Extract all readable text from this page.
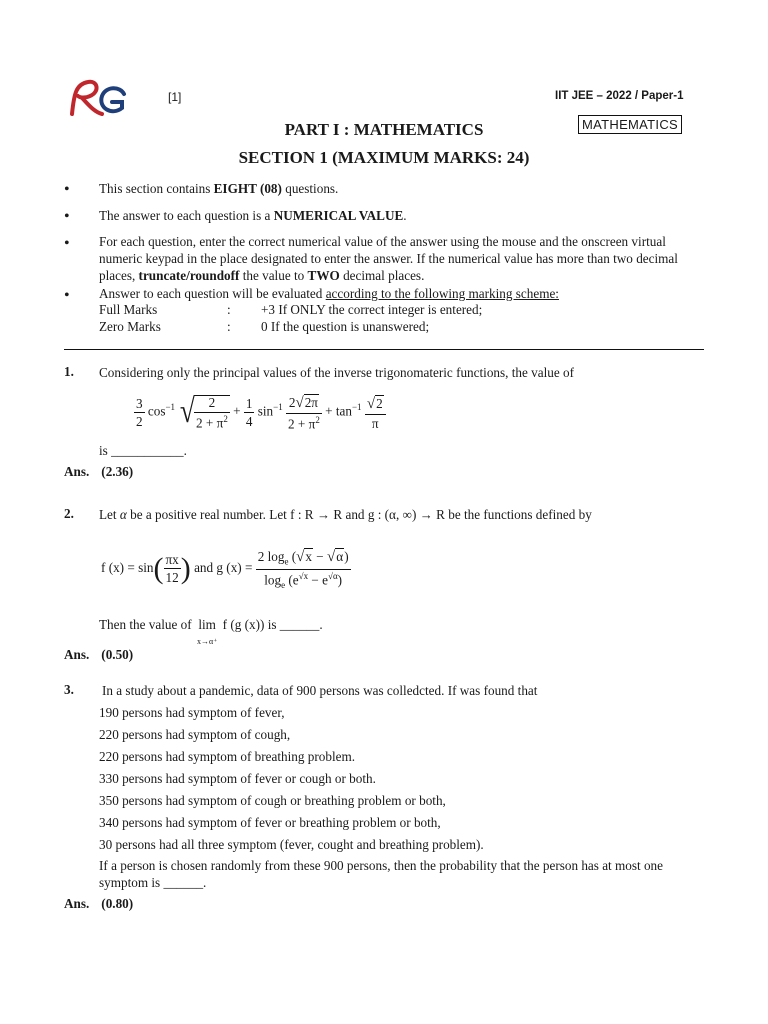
[1]	IIT JEE – 2022 / Paper-1
MATHEMATICS
PART I : MATHEMATICS
SECTION 1 (MAXIMUM MARKS: 24)
• This section contains EIGHT (08) questions.
• The answer to each question is a NUMERICAL VALUE.
• For each question, enter the correct numerical value of the answer using the mouse and the onscreen virtual numeric keypad in the place designated to enter the answer. If the numerical value has more than two decimal places, truncate/roundoff the value to TWO decimal places.
• Answer to each question will be evaluated according to the following marking scheme:
Full Marks	: +3 If ONLY the correct integer is entered;
Zero Marks	: 0 If the question is unanswered;
1. Considering only the principal values of the inverse trigonomateric functions, the value of
$\frac{3}{2} \cos^{-1}$ √
$\frac{2}{2 + \pi^2} + \frac{1}{4} \sin^{-1} \frac{2√2\pi}{2 + \pi^2} + \tan^{-1} \frac{√2}{\pi}$
is ___________.
Ans. (2.36)
2. Let α be a positive real number. Let f : R → R and g : (α, ∞) → R be the functions defined by
f $(x) = \sin( \frac{\pi x}{12}$ ) and g $(x) = \frac{2 \log_e (√x - √\alpha)}{\log_e (e^{√x} - e^{√\alpha})}$
Then the value of lim
x→α⁺
f (g (x)) is ______.
Ans. (0.50)
3. In a study about a pandemic, data of 900 persons was colledcted. If was found that
190 persons had symptom of fever,
220 persons had symptom of cough,
220 persons had symptom of breathing problem.
330 persons had symptom of fever or cough or both.
350 persons had symptom of cough or breathing problem or both,
340 persons had symptom of fever or breathing problem or both,
30 persons had all three symptom (fever, cought and breathing problem).
If a person is chosen randomly from these 900 persons, then the probability that the person has at most one symptom is ______.
Ans. (0.80)
